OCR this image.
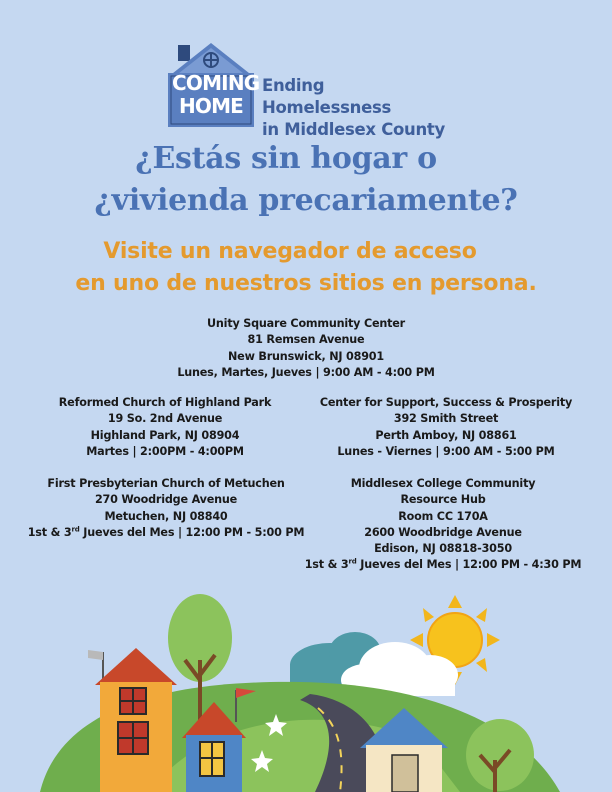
COMING
HOME
Ending Homelessness
in Middlesex County
¿Estás sin hogar o
¿vivienda precariamente?
Visite un navegador de acceso
en uno de nuestros sitios en persona.
Unity Square Community Center
81 Remsen Avenue
New Brunswick, NJ 08901
Lunes, Martes, Jueves | 9:00 AM - 4:00 PM
Reformed Church of Highland Park
19 So. 2nd Avenue
Highland Park, NJ 08904
Martes | 2:00PM - 4:00PM
Center for Support, Success & Prosperity
392 Smith Street
Perth Amboy, NJ 08861
Lunes - Viernes | 9:00 AM - 5:00 PM
First Presbyterian Church of Metuchen
270 Woodridge Avenue
Metuchen, NJ 08840
1st & 3rd Jueves del Mes | 12:00 PM - 5:00 PM
Middlesex College Community
Resource Hub
Room CC 170A
2600 Woodbridge Avenue
Edison, NJ 08818-3050
1st & 3rd Jueves del Mes | 12:00 PM - 4:30 PM
